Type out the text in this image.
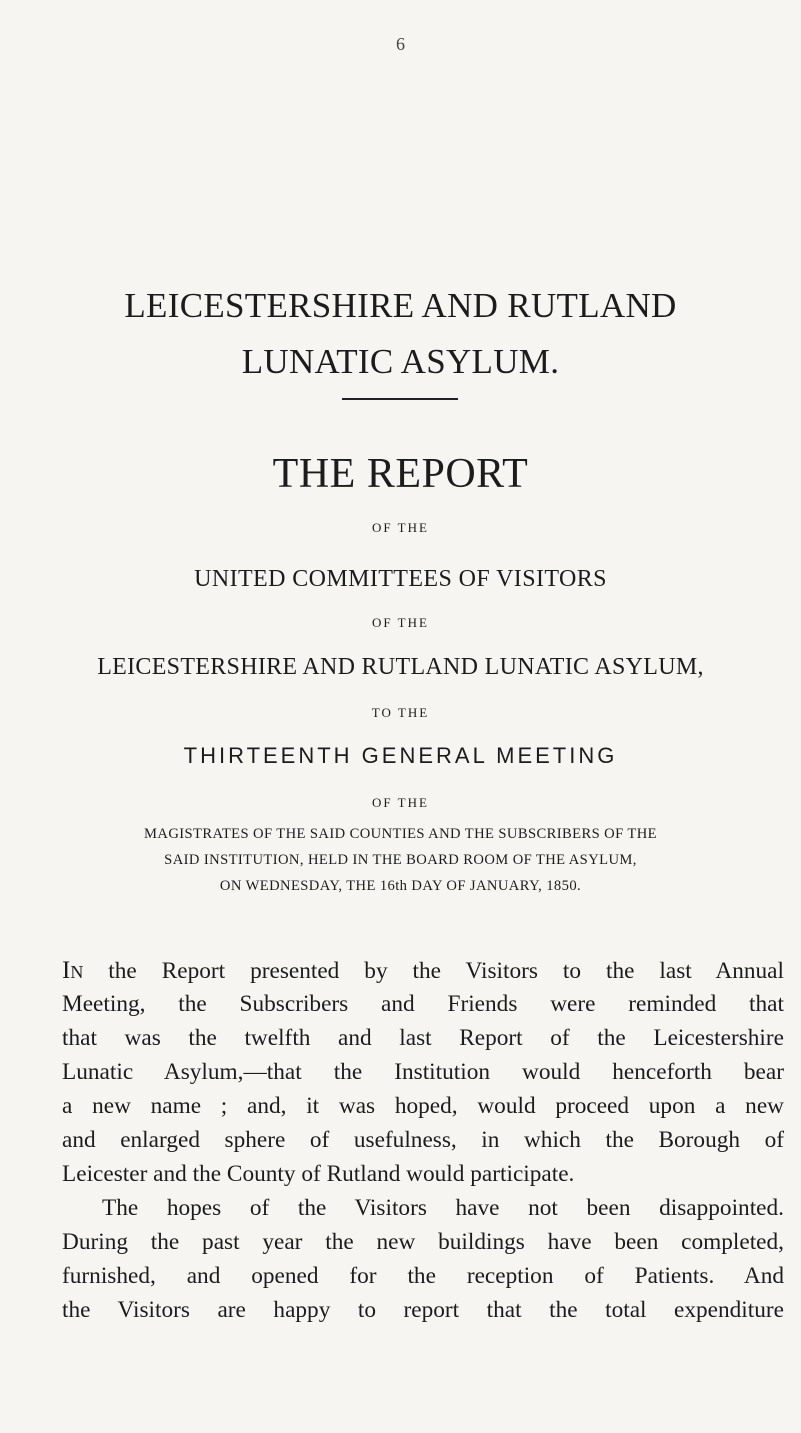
6
LEICESTERSHIRE AND RUTLAND
LUNATIC ASYLUM.
THE REPORT
OF THE
UNITED COMMITTEES OF VISITORS
OF THE
LEICESTERSHIRE AND RUTLAND LUNATIC ASYLUM,
TO THE
THIRTEENTH GENERAL MEETING
OF THE
MAGISTRATES OF THE SAID COUNTIES AND THE SUBSCRIBERS OF THE
SAID INSTITUTION, HELD IN THE BOARD ROOM OF THE ASYLUM,
ON WEDNESDAY, THE 16th DAY OF JANUARY, 1850.
In the Report presented by the Visitors to the last Annual
Meeting, the Subscribers and Friends were reminded that
that was the twelfth and last Report of the Leicestershire
Lunatic Asylum,—that the Institution would henceforth bear
a new name ; and, it was hoped, would proceed upon a new
and enlarged sphere of usefulness, in which the Borough of
Leicester and the County of Rutland would participate.
The hopes of the Visitors have not been disappointed.
During the past year the new buildings have been completed,
furnished, and opened for the reception of Patients. And
the Visitors are happy to report that the total expenditure
